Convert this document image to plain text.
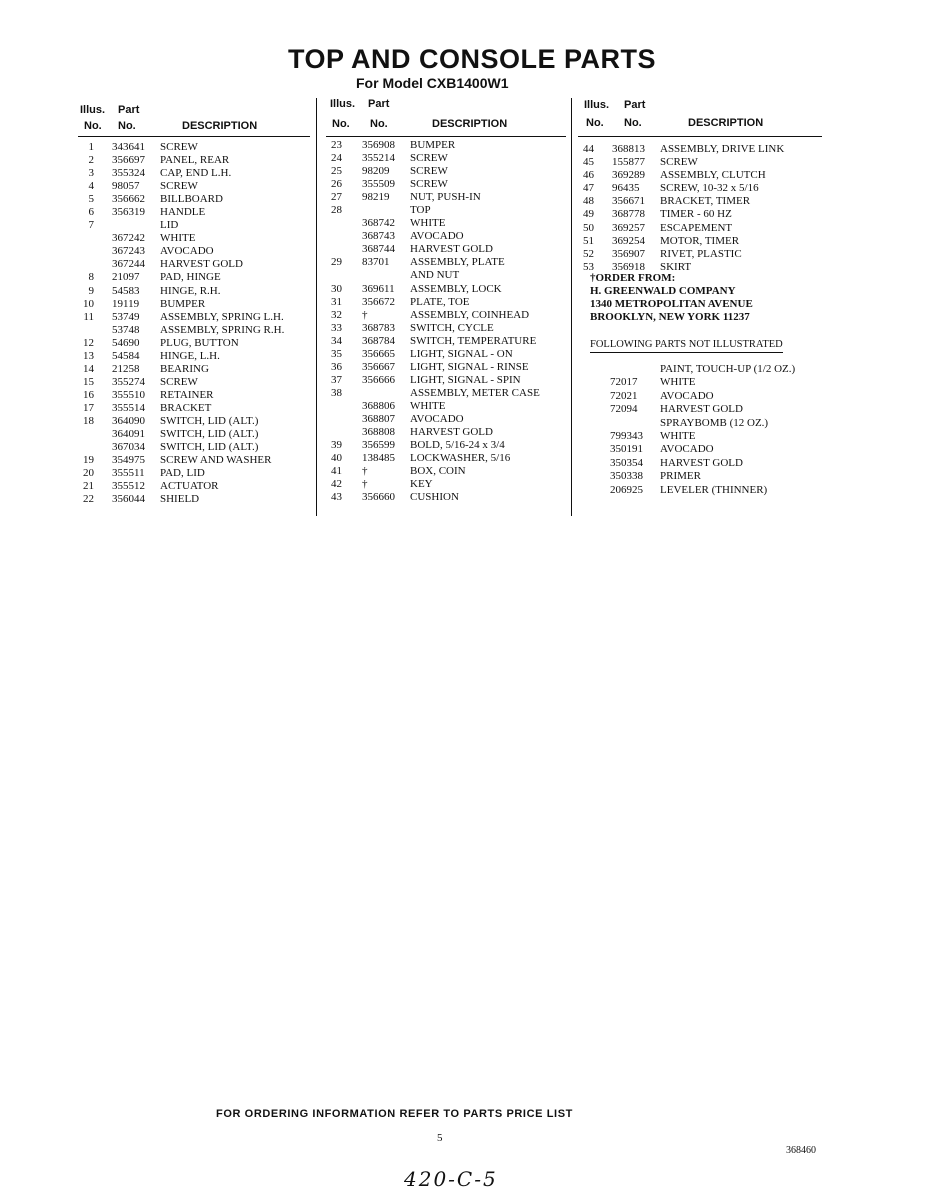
TOP AND CONSOLE PARTS
For Model CXB1400W1
Illus. Part
No. No.	DESCRIPTION
1 343641 SCREW
2 356697 PANEL, REAR
3 355324 CAP, END L.H.
4 98057 SCREW
5 356662 BILLBOARD
6 356319 HANDLE
7	LID
367242 WHITE
367243 AVOCADO
367244 HARVEST GOLD
8 21097 PAD, HINGE
9 54583 HINGE, R.H.
10 19119 BUMPER
11 53749 ASSEMBLY, SPRING L.H.
53748 ASSEMBLY, SPRING R.H.
12 54690 PLUG, BUTTON
13 54584 HINGE, L.H.
14 21258 BEARING
15 355274 SCREW
16 355510 RETAINER
17 355514 BRACKET
18 364090 SWITCH, LID (ALT.)
364091 SWITCH, LID (ALT.)
367034 SWITCH, LID (ALT.)
19 354975 SCREW AND WASHER
20 355511 PAD, LID
21 355512 ACTUATOR
22 356044 SHIELD
Illus. Part
No. No.	DESCRIPTION
23 356908 BUMPER
24 355214 SCREW
25 98209 SCREW
26 355509 SCREW
27 98219 NUT, PUSH-IN
28	TOP
368742 WHITE
368743 AVOCADO
368744 HARVEST GOLD
29 83701 ASSEMBLY, PLATE
AND NUT
30 369611 ASSEMBLY, LOCK
31 356672 PLATE, TOE
32 †	ASSEMBLY, COINHEAD
33 368783 SWITCH, CYCLE
34 368784 SWITCH, TEMPERATURE
35 356665 LIGHT, SIGNAL - ON
36 356667 LIGHT, SIGNAL - RINSE
37 356666 LIGHT, SIGNAL - SPIN
38	ASSEMBLY, METER CASE
368806 WHITE
368807 AVOCADO
368808 HARVEST GOLD
39 356599 BOLD, 5/16-24 x 3/4
40 138485 LOCKWASHER, 5/16
41 †	BOX, COIN
42 †	KEY
43 356660 CUSHION
Illus. Part
No. No.	DESCRIPTION
44 368813 ASSEMBLY, DRIVE LINK
45 155877 SCREW
46 369289 ASSEMBLY, CLUTCH
47 96435 SCREW, 10-32 x 5/16
48 356671 BRACKET, TIMER
49 368778 TIMER - 60 HZ
50 369257 ESCAPEMENT
51 369254 MOTOR, TIMER
52 356907 RIVET, PLASTIC
53 356918 SKIRT
†ORDER FROM:
H. GREENWALD COMPANY
1340 METROPOLITAN AVENUE
BROOKLYN, NEW YORK 11237
FOLLOWING PARTS NOT ILLUSTRATED
PAINT, TOUCH-UP (1/2 OZ.)
72017 WHITE
72021 AVOCADO
72094 HARVEST GOLD
SPRAYBOMB (12 OZ.)
799343 WHITE
350191 AVOCADO
350354 HARVEST GOLD
350338 PRIMER
206925 LEVELER (THINNER)
FOR ORDERING INFORMATION REFER TO PARTS PRICE LIST
5
368460
420-C-5
